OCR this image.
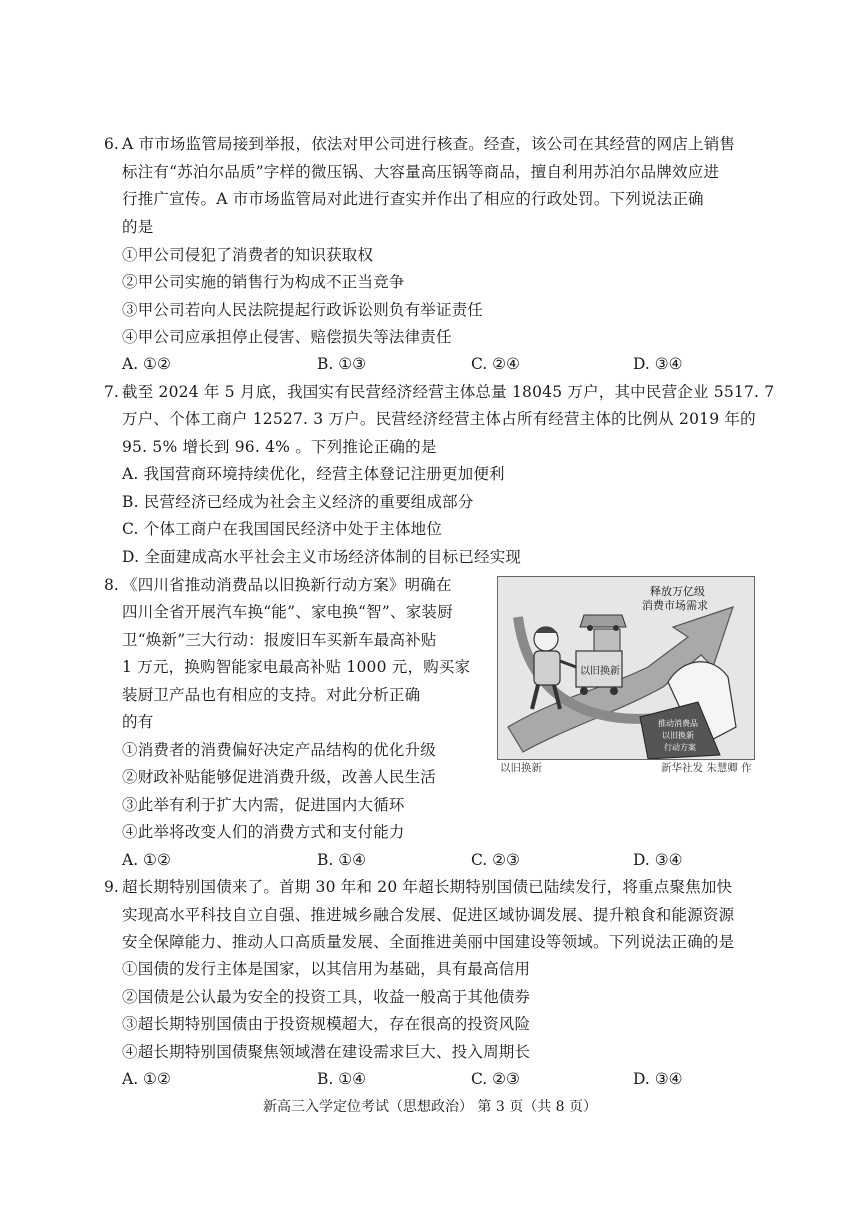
6. A 市市场监管局接到举报，依法对甲公司进行核查。经查，该公司在其经营的网店上销售
标注有“苏泊尔品质”字样的微压锅、大容量高压锅等商品，擅自利用苏泊尔品牌效应进
行推广宣传。A 市市场监管局对此进行查实并作出了相应的行政处罚。下列说法正确
的是
①甲公司侵犯了消费者的知识获取权
②甲公司实施的销售行为构成不正当竞争
③甲公司若向人民法院提起行政诉讼则负有举证责任
④甲公司应承担停止侵害、赔偿损失等法律责任
A. ①②	B. ①③	C. ②④	D. ③④
7. 截至 2024 年 5 月底，我国实有民营经济经营主体总量 18045 万户，其中民营企业 5517. 7
万户、个体工商户 12527. 3 万户。民营经济经营主体占所有经营主体的比例从 2019 年的
95. 5% 增长到 96. 4% 。下列推论正确的是
A. 我国营商环境持续优化，经营主体登记注册更加便利
B. 民营经济已经成为社会主义经济的重要组成部分
C. 个体工商户在我国国民经济中处于主体地位
D. 全面建成高水平社会主义市场经济体制的目标已经实现
8. 《四川省推动消费品以旧换新行动方案》明确在
四川全省开展汽车换“能”、家电换“智”、家装厨
卫“焕新”三大行动：报废旧车买新车最高补贴
1 万元，换购智能家电最高补贴 1000 元，购买家
装厨卫产品也有相应的支持。对此分析正确
的有
①消费者的消费偏好决定产品结构的优化升级
②财政补贴能够促进消费升级，改善人民生活
③此举有利于扩大内需，促进国内大循环
④此举将改变人们的消费方式和支付能力
A. ①②	B. ①④	C. ②③	D. ③④
释放万亿级
消费市场需求
以旧换新
推动消费品
以旧换新
行动方案
以旧换新	新华社发 朱慧卿 作
9. 超长期特别国债来了。首期 30 年和 20 年超长期特别国债已陆续发行，将重点聚焦加快
实现高水平科技自立自强、推进城乡融合发展、促进区域协调发展、提升粮食和能源资源
安全保障能力、推动人口高质量发展、全面推进美丽中国建设等领域。下列说法正确的是
①国债的发行主体是国家，以其信用为基础，具有最高信用
②国债是公认最为安全的投资工具，收益一般高于其他债券
③超长期特别国债由于投资规模超大，存在很高的投资风险
④超长期特别国债聚焦领域潜在建设需求巨大、投入周期长
A. ①②	B. ①④	C. ②③	D. ③④
新高三入学定位考试（思想政治） 第 3 页（共 8 页）
